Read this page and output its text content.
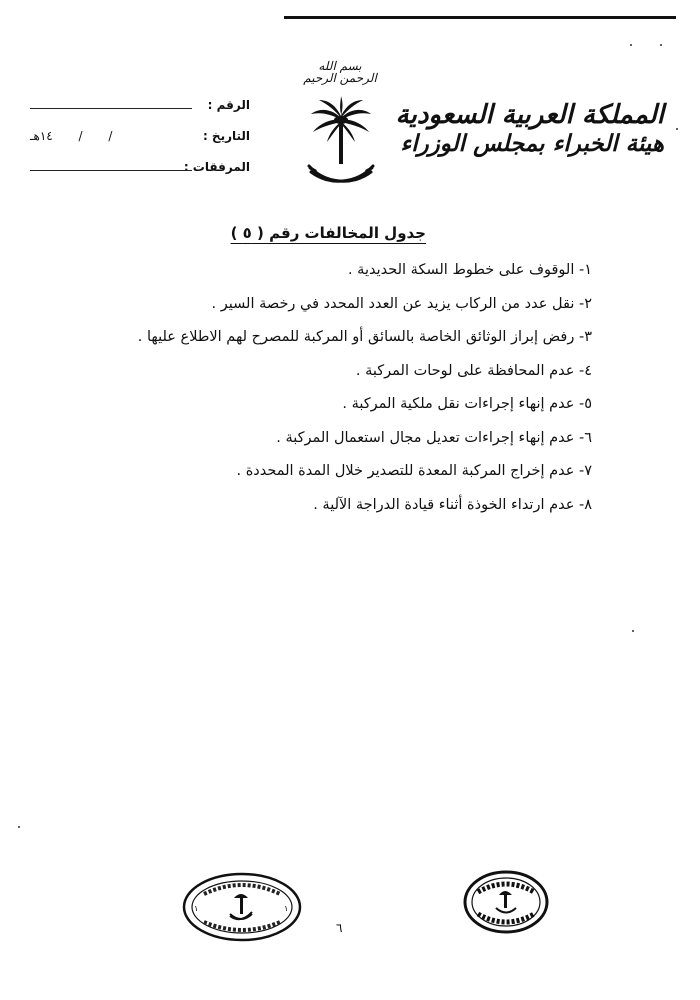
بسم الله الرحمن الرحيم
المملكة العربية السعودية
هيئة الخبراء بمجلس الوزراء
الرقم :
التاريخ :
/ / ١٤هـ
المرفقات :
جدول المخالفات رقم ( ٥ )
١- الوقوف على خطوط السكة الحديدية .
٢- نقل عدد من الركاب يزيد عن العدد المحدد في رخصة السير .
٣- رفض إبراز الوثائق الخاصة بالسائق أو المركبة للمصرح لهم الاطلاع عليها .
٤- عدم المحافظة على لوحات المركبة .
٥- عدم إنهاء إجراءات نقل ملكية المركبة .
٦- عدم إنهاء إجراءات تعديل مجال استعمال المركبة .
٧- عدم إخراج المركبة المعدة للتصدير خلال المدة المحددة .
٨- عدم ارتداء الخوذة أثناء قيادة الدراجة الآلية .
١	١
٦
